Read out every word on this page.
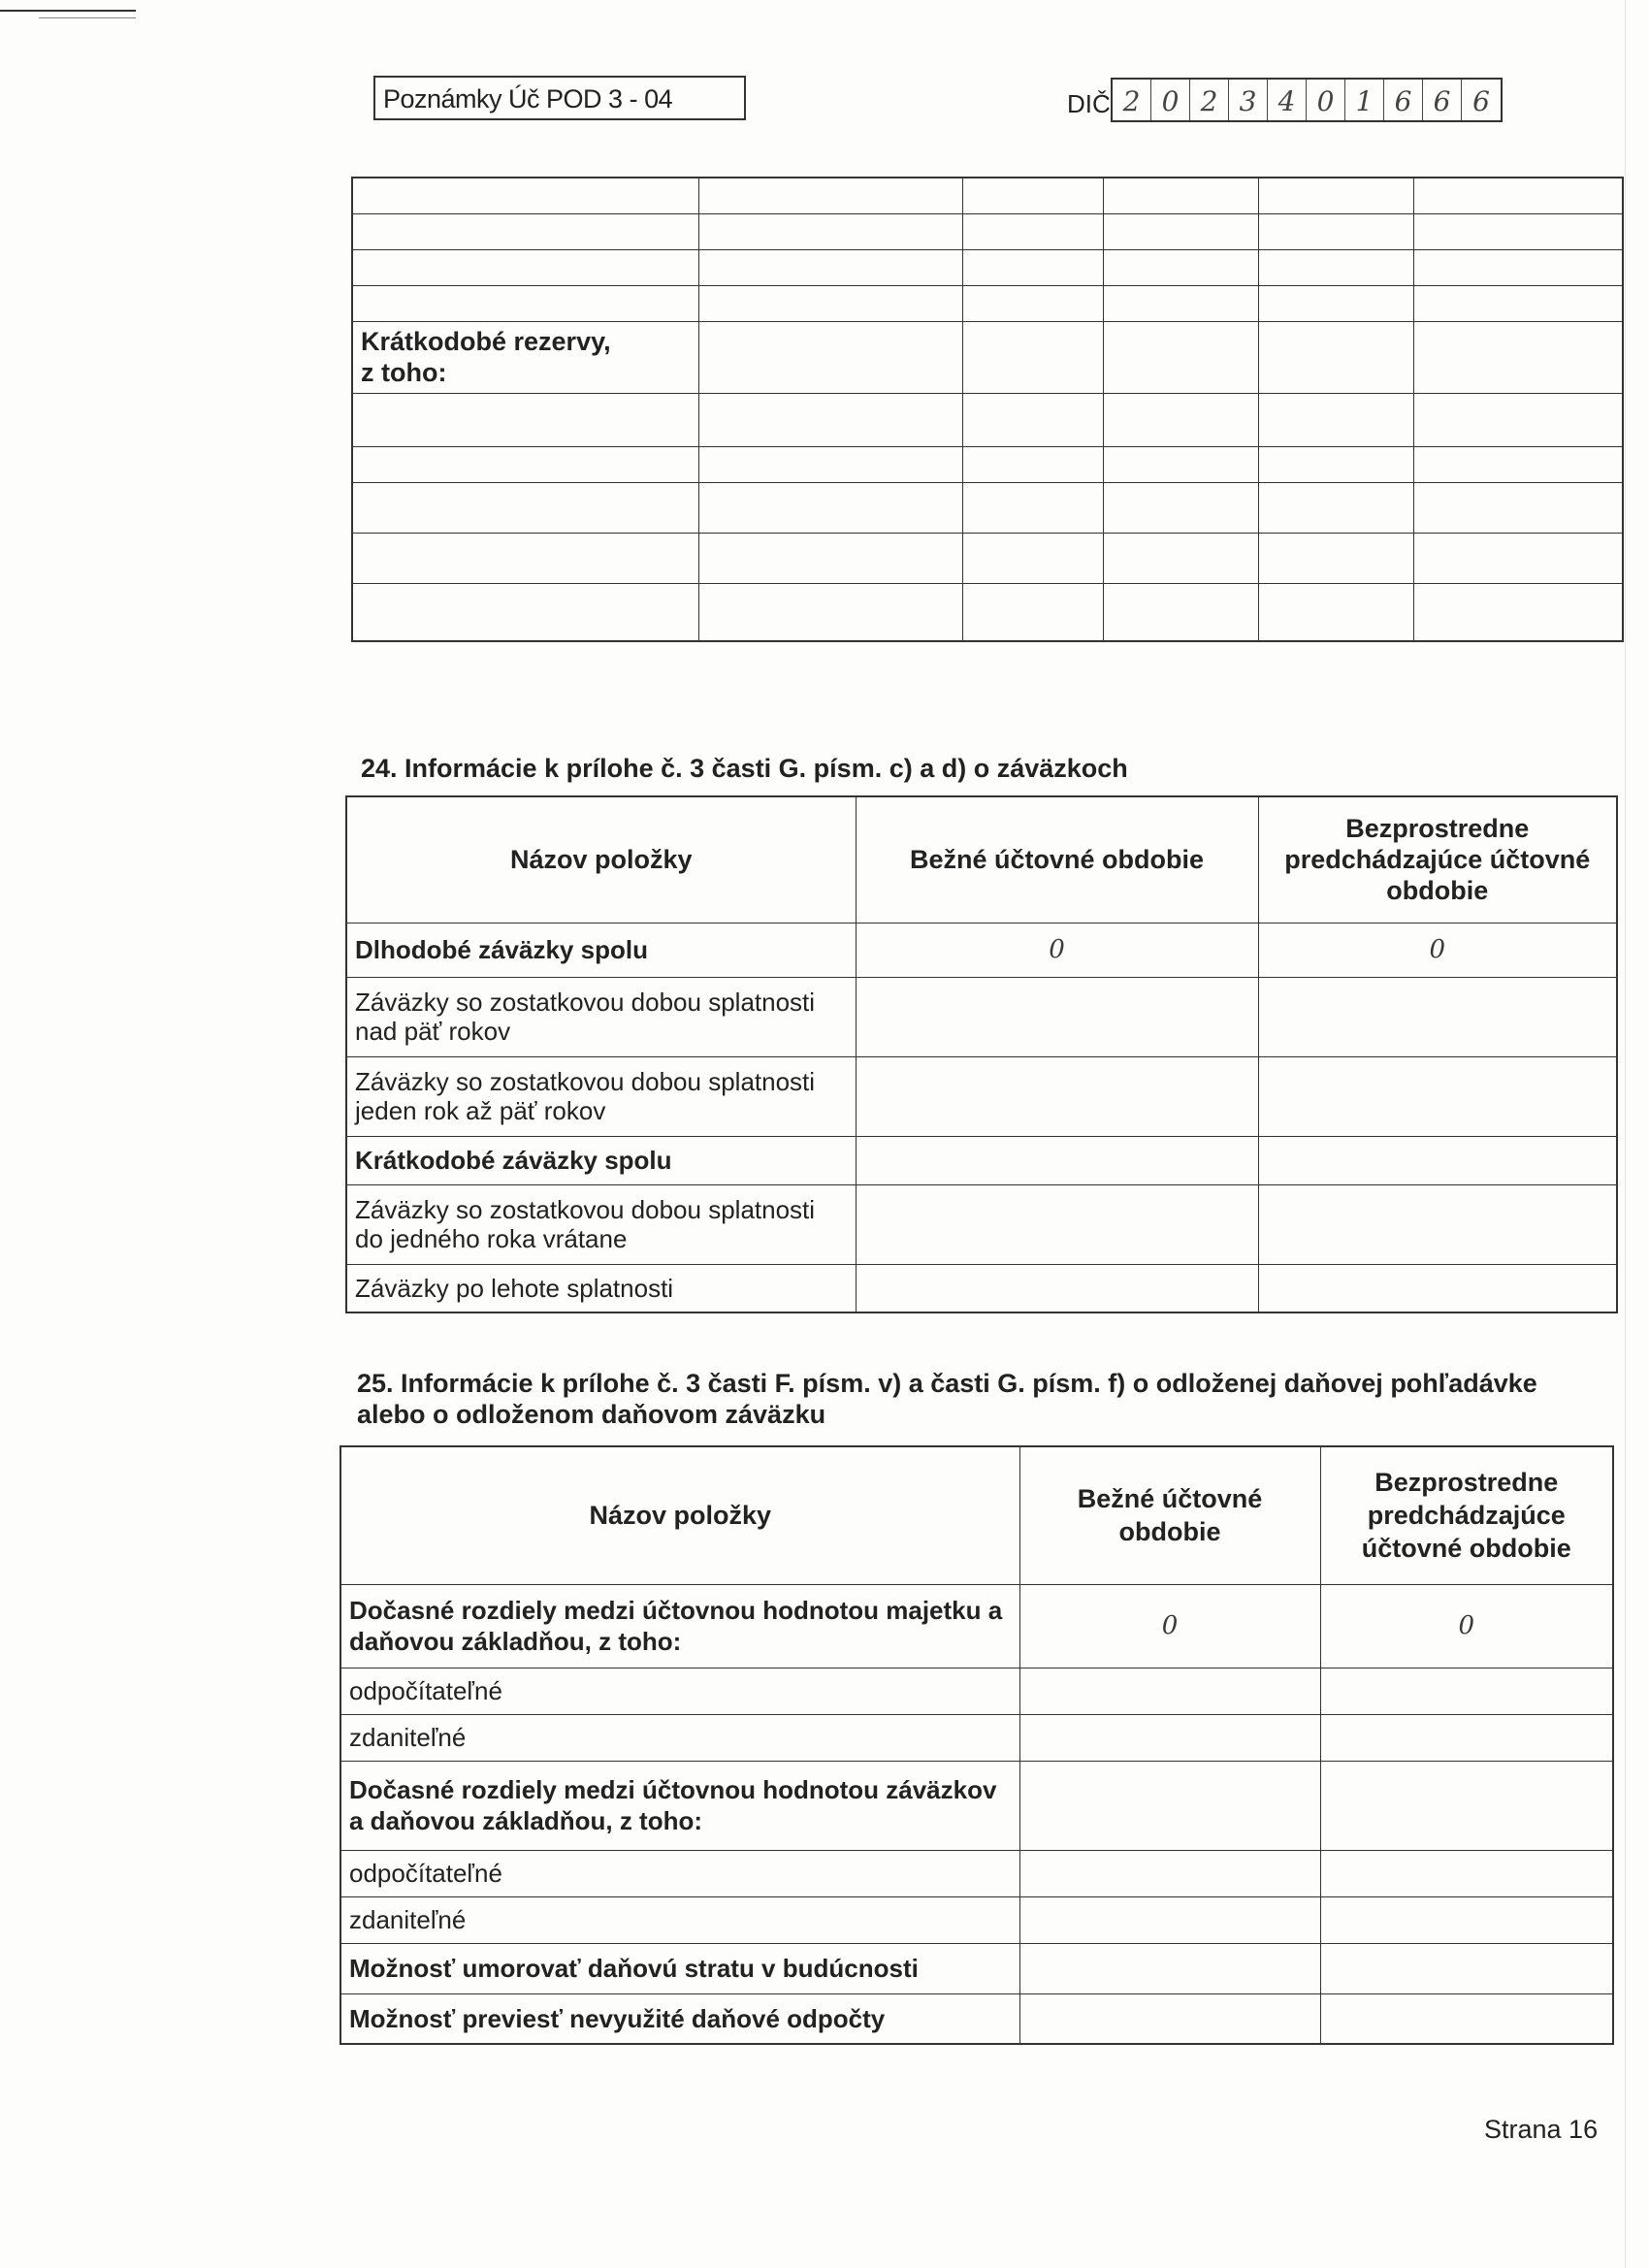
Poznámky Úč POD 3 - 04	DIČ 2 0 2 3 4 0 1 6 6 6

Krátkodobé rezervy,
z toho:					

24. Informácie k prílohe č. 3 časti G. písm. c) a d) o záväzkoch
Názov položky	Bežné účtovné obdobie	Bezprostredne predchádzajúce účtovné obdobie
Dlhodobé záväzky spolu	0	0
Záväzky so zostatkovou dobou splatnosti nad päť rokov		
Záväzky so zostatkovou dobou splatnosti jeden rok až päť rokov		
Krátkodobé záväzky spolu		
Záväzky so zostatkovou dobou splatnosti do jedného roka vrátane		
Záväzky po lehote splatnosti		
25. Informácie k prílohe č. 3 časti F. písm. v) a časti G. písm. f) o odloženej daňovej pohľadávke alebo o odloženom daňovom záväzku
Názov položky	Bežné účtovné obdobie	Bezprostredne predchádzajúce účtovné obdobie
Dočasné rozdiely medzi účtovnou hodnotou majetku a daňovou základňou, z toho:	0	0
odpočítateľné		
zdaniteľné		
Dočasné rozdiely medzi účtovnou hodnotou záväzkov a daňovou základňou, z toho:		
odpočítateľné		
zdaniteľné		
Možnosť umorovať daňovú stratu v budúcnosti		
Možnosť previesť nevyužité daňové odpočty		
Strana 16
